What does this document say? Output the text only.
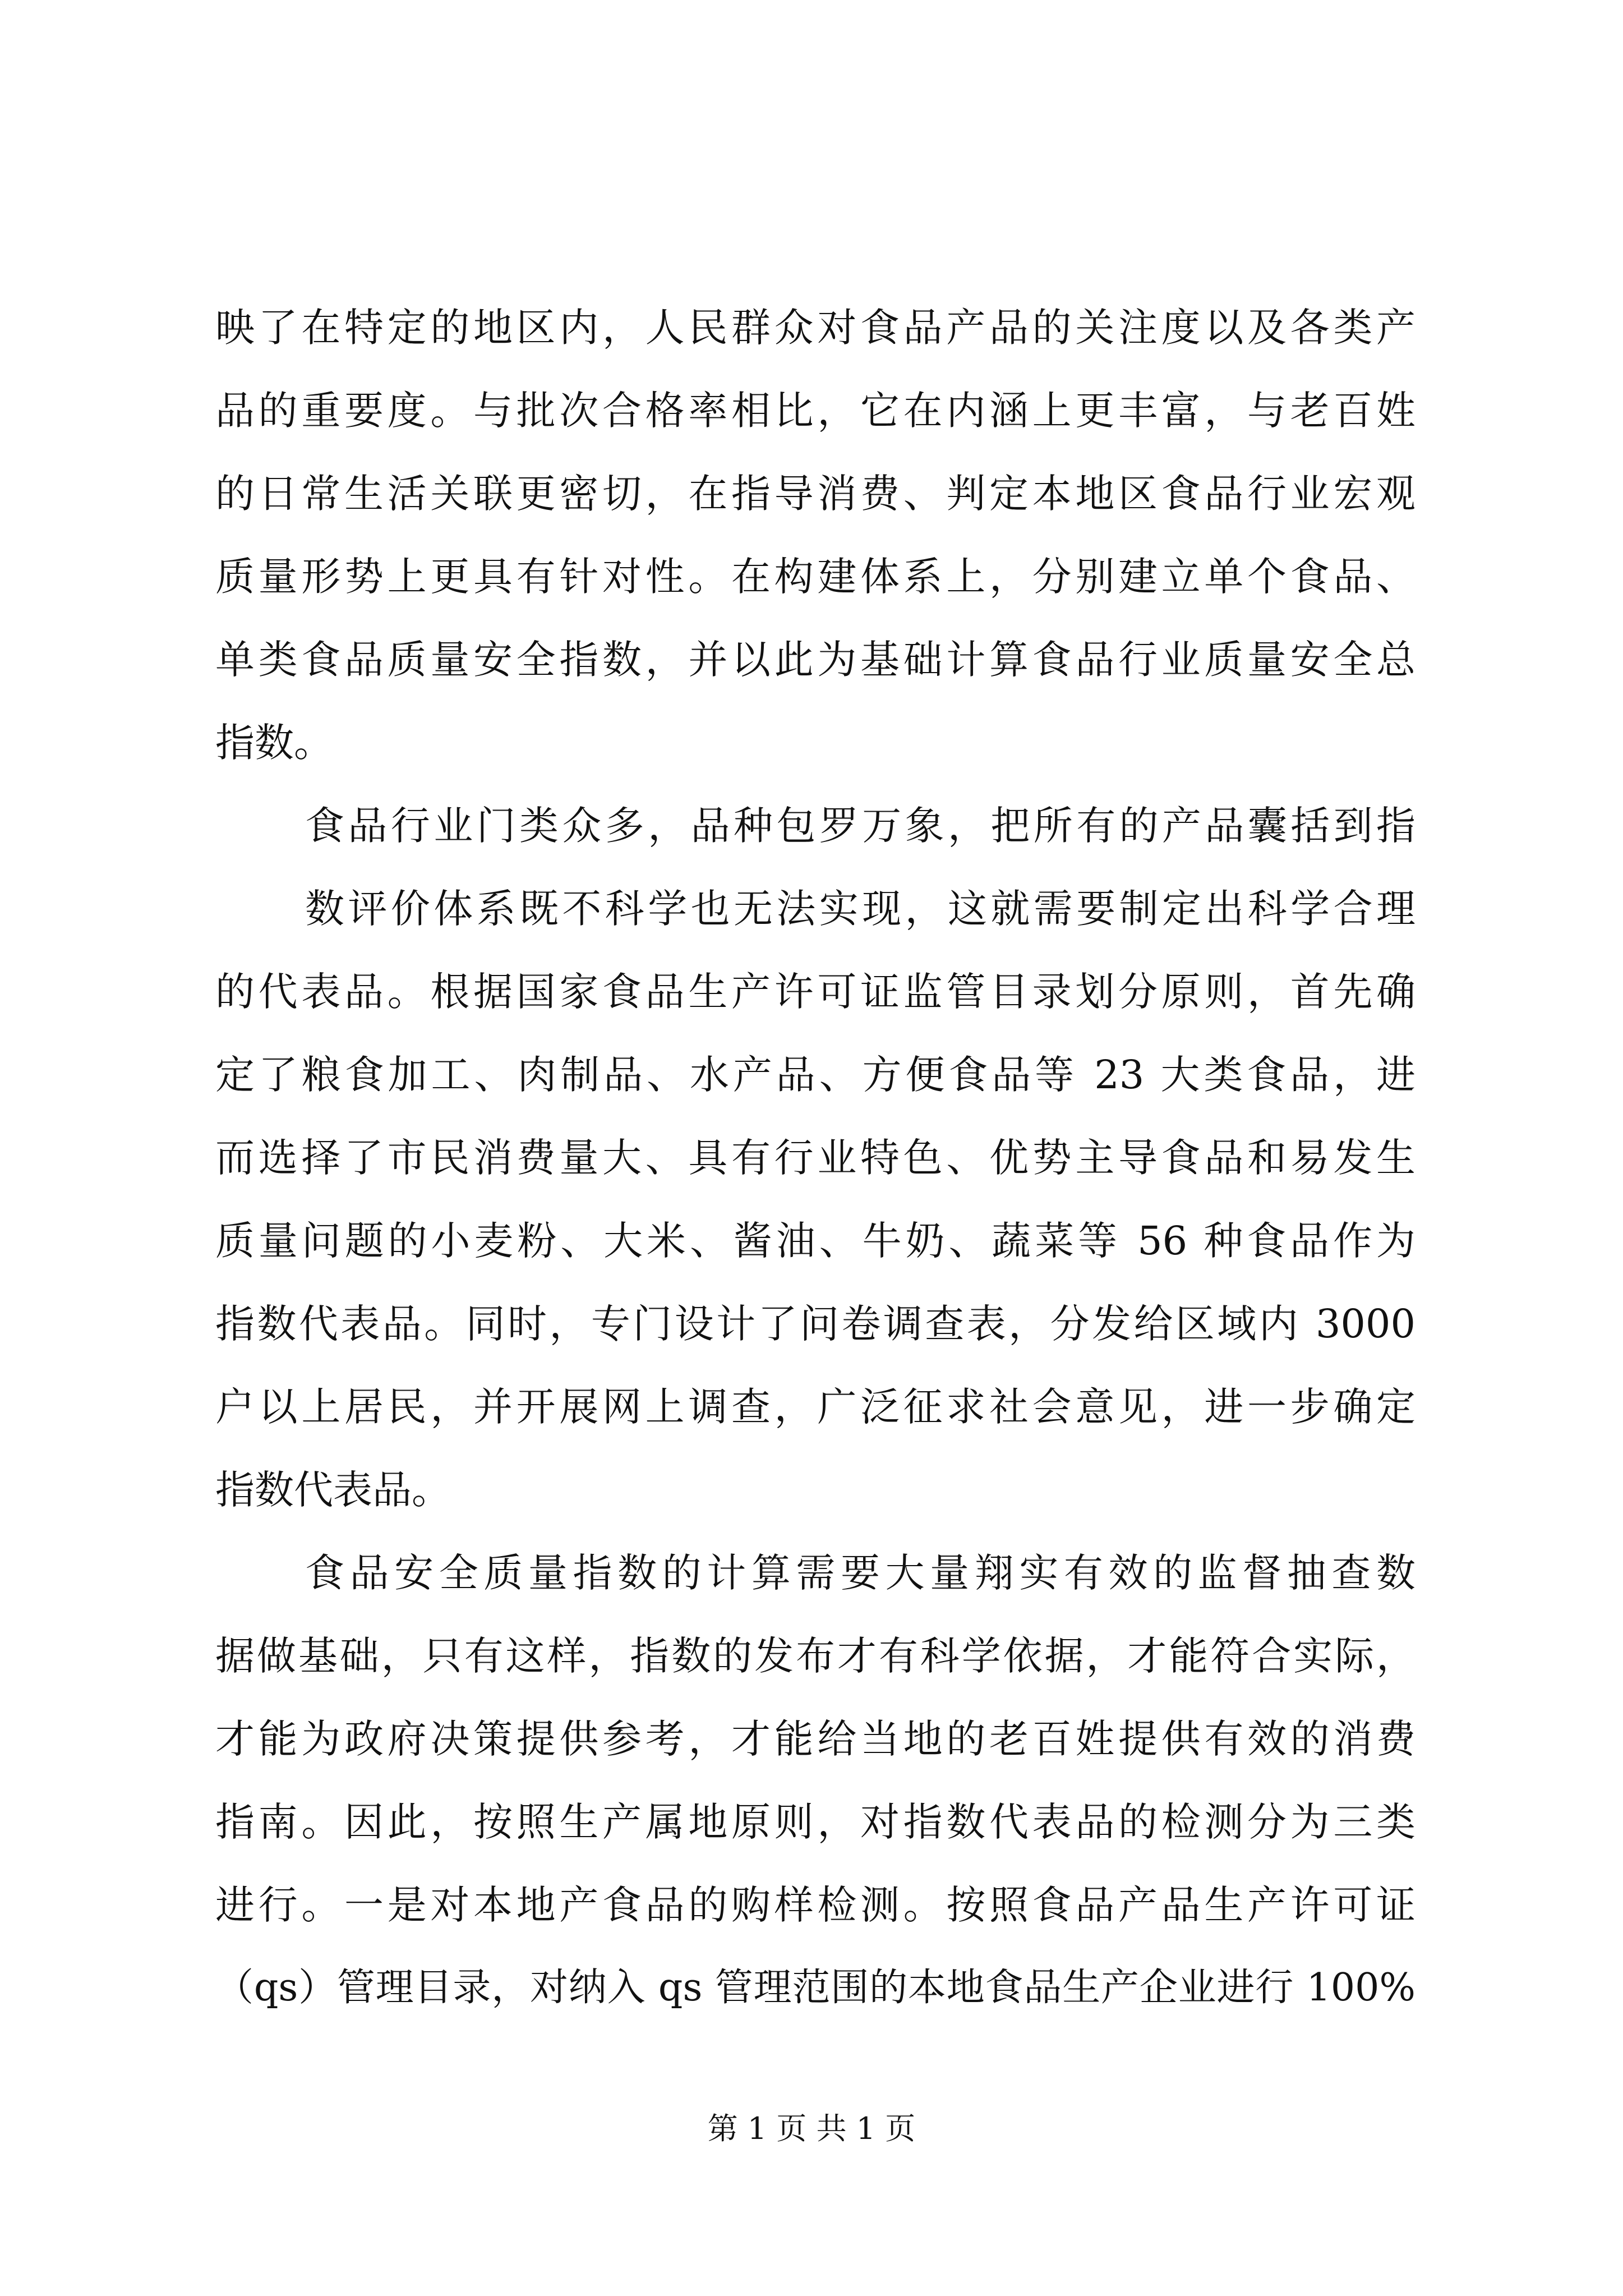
映了在特定的地区内，人民群众对食品产品的关注度以及各类产
品的重要度。与批次合格率相比，它在内涵上更丰富，与老百姓
的日常生活关联更密切，在指导消费、判定本地区食品行业宏观
质量形势上更具有针对性。在构建体系上，分别建立单个食品、
单类食品质量安全指数，并以此为基础计算食品行业质量安全总
指数。
食品行业门类众多，品种包罗万象，把所有的产品囊括到指
数评价体系既不科学也无法实现，这就需要制定出科学合理
的代表品。根据国家食品生产许可证监管目录划分原则，首先确
定了粮食加工、肉制品、水产品、方便食品等 23 大类食品，进
而选择了市民消费量大、具有行业特色、优势主导食品和易发生
质量问题的小麦粉、大米、酱油、牛奶、蔬菜等 56 种食品作为
指数代表品。同时，专门设计了问卷调查表，分发给区域内 3000
户以上居民，并开展网上调查，广泛征求社会意见，进一步确定
指数代表品。
食品安全质量指数的计算需要大量翔实有效的监督抽查数
据做基础，只有这样，指数的发布才有科学依据，才能符合实际，
才能为政府决策提供参考，才能给当地的老百姓提供有效的消费
指南。因此，按照生产属地原则，对指数代表品的检测分为三类
进行。一是对本地产食品的购样检测。按照食品产品生产许可证
（qs）管理目录，对纳入 qs 管理范围的本地食品生产企业进行 100%
第 1 页 共 1 页
